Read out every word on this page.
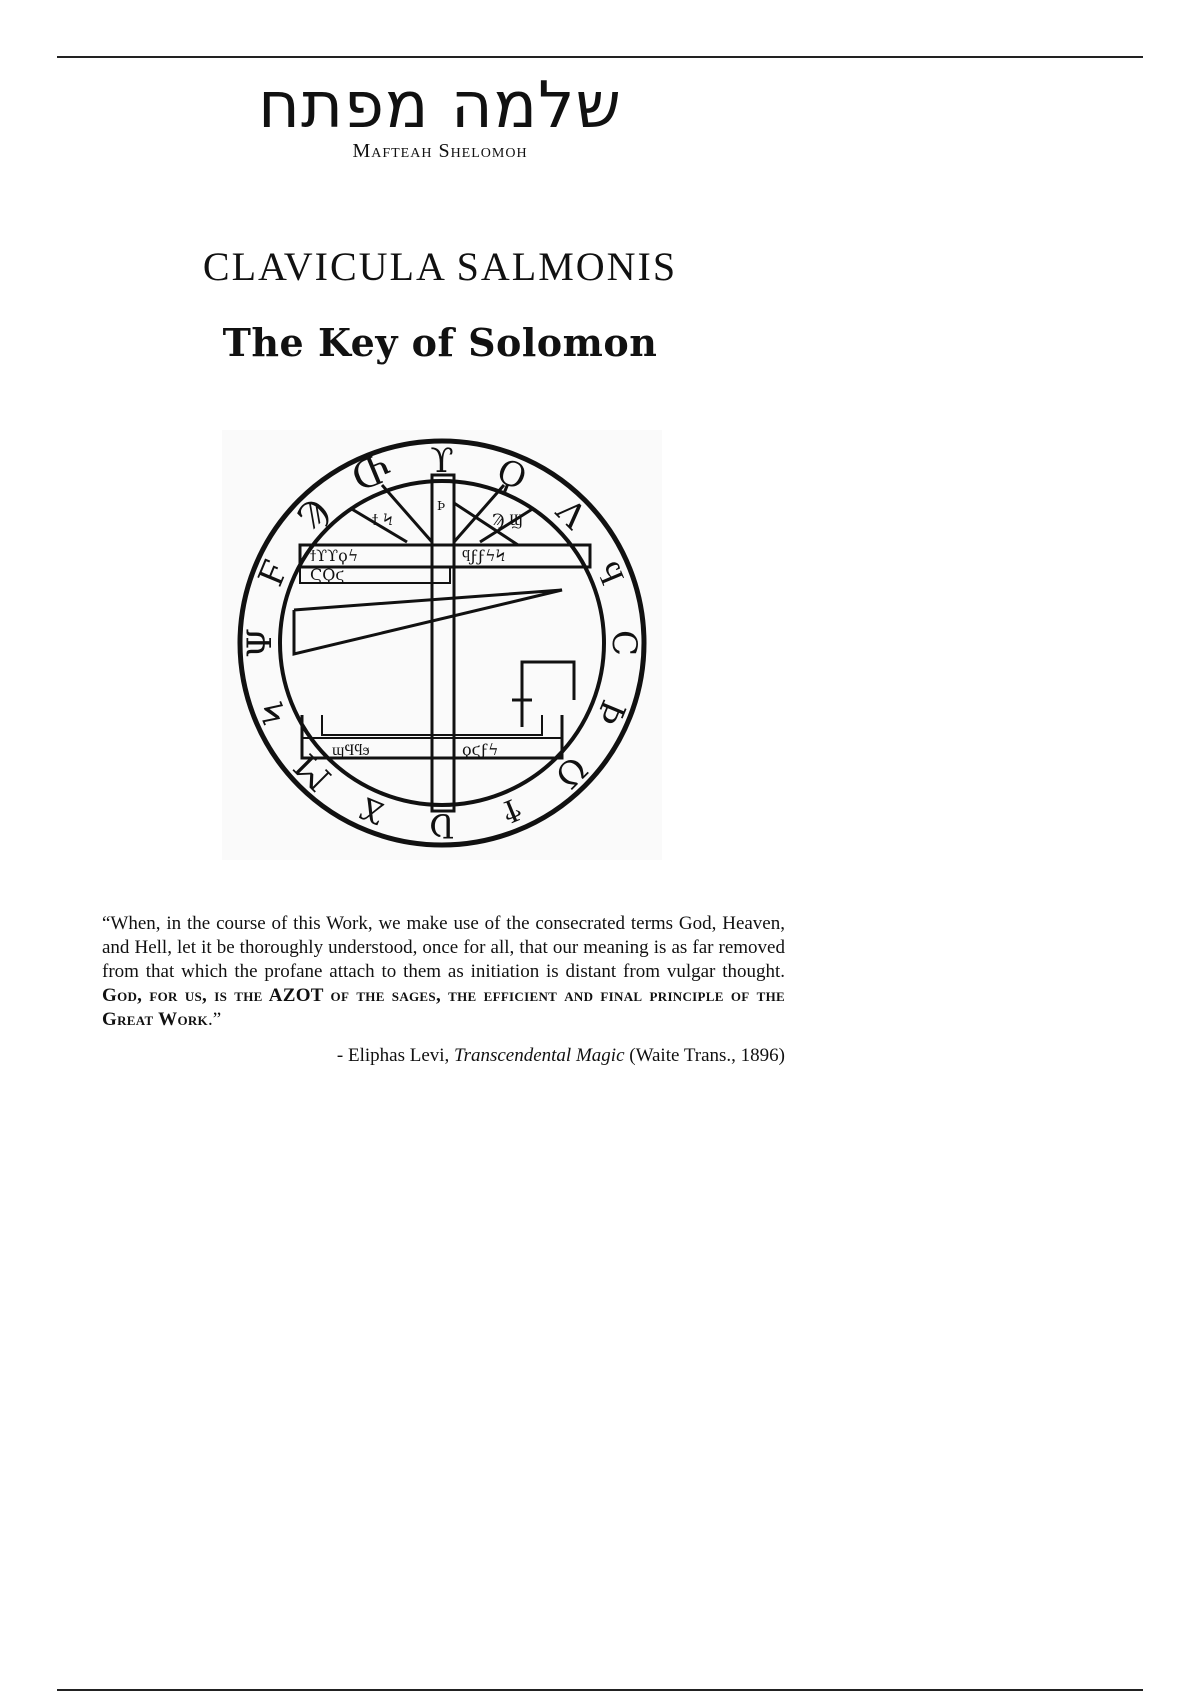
שלמה מפתח
Mafteah Shelomoh
CLAVICULA SALMONIS
The Key of Solomon
ϯϒϒϙϟ	ϥϝϝϟϞ
ϚϘϛ
ϣϤϥϧ	ϙϛϝϟ
ϯ Ϟ	Ϡ Ϣ
Ϸ
ϒ Ϙ
Λ
Ϥ
Ϲ
Ϸ
Ʊ
Ϯ
Ʋ
Ϫ
Ϻ
Ϟ
Ψ
Ϝ
Ϡ
Ⴇ
“When, in the course of this Work, we make use of the consecrated terms God, Heaven, and Hell, let it be thoroughly understood, once for all, that our meaning is as far removed from that which the profane attach to them as initiation is distant from vulgar thought. God, for us, is the AZOT of the sages, the efficient and final principle of the Great Work.”
- Eliphas Levi, Transcendental Magic (Waite Trans., 1896)
